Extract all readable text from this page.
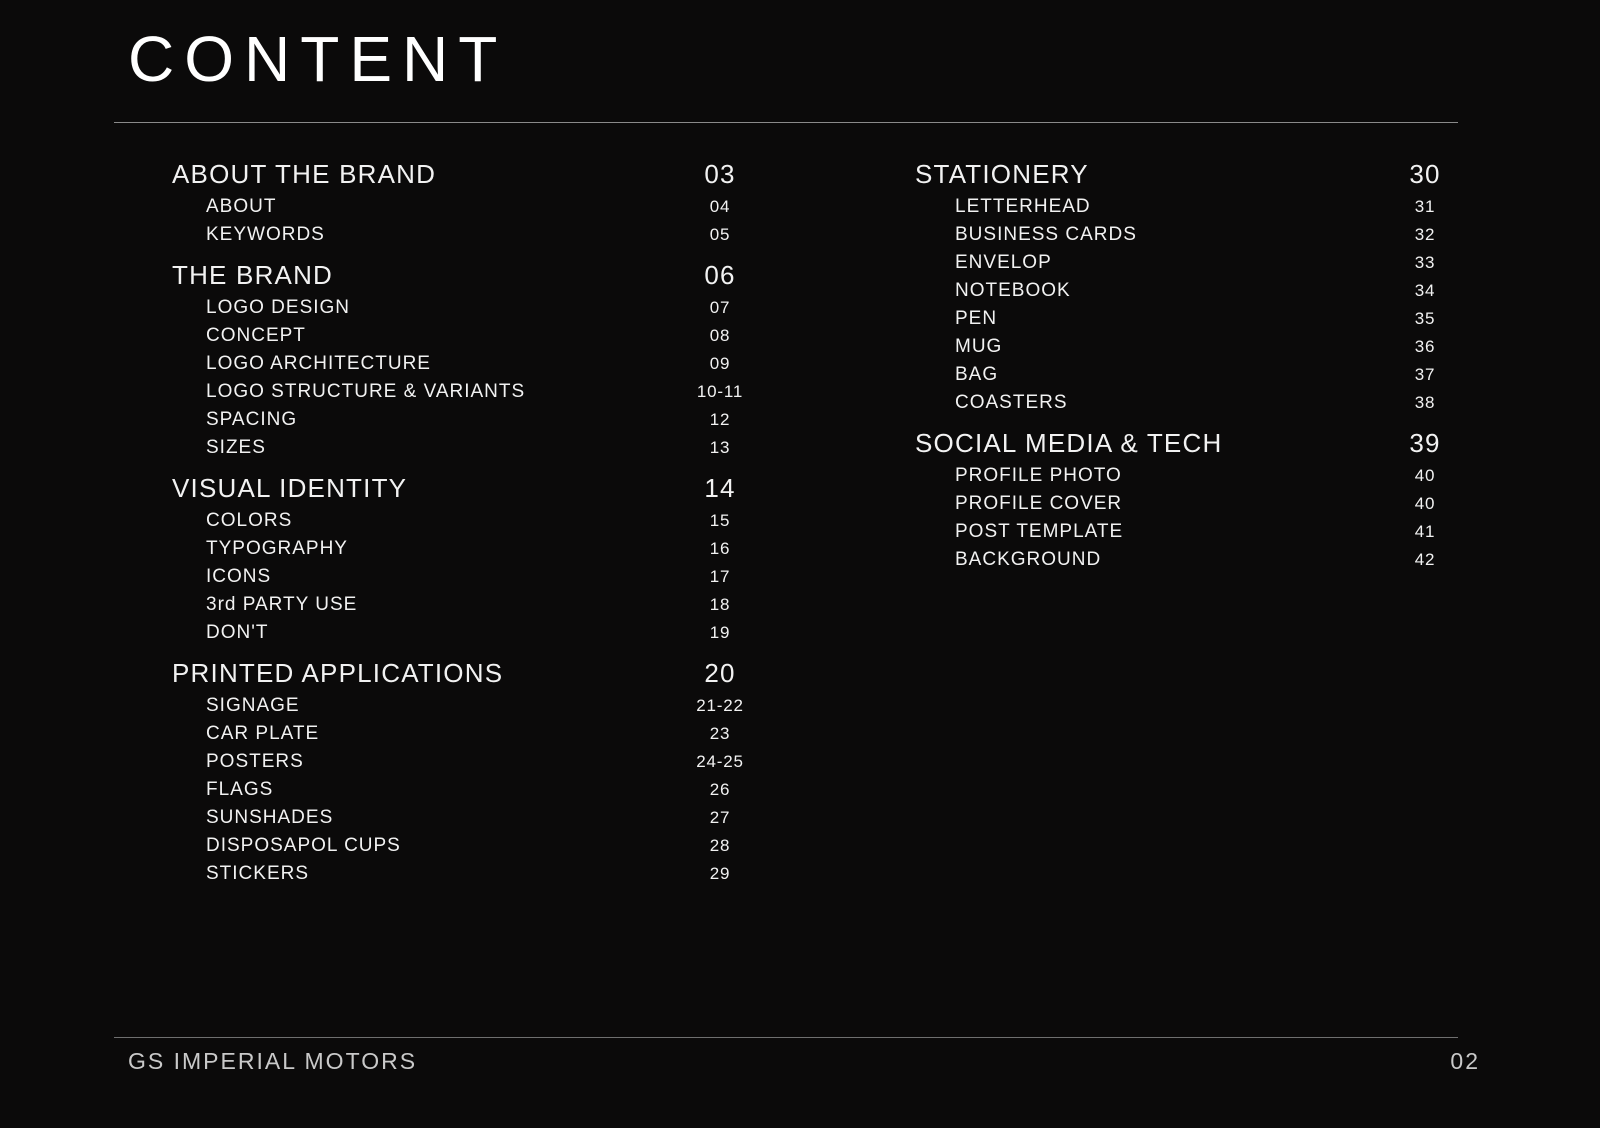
CONTENT
ABOUT THE BRAND	03
ABOUT	04
KEYWORDS	05
THE BRAND	06
LOGO DESIGN	07
CONCEPT	08
LOGO ARCHITECTURE	09
LOGO STRUCTURE & VARIANTS	10-11
SPACING	12
SIZES	13
VISUAL IDENTITY	14
COLORS	15
TYPOGRAPHY	16
ICONS	17
3rd PARTY USE	18
DON'T	19
PRINTED APPLICATIONS	20
SIGNAGE	21-22
CAR PLATE	23
POSTERS	24-25
FLAGS	26
SUNSHADES	27
DISPOSAPOL CUPS	28
STICKERS	29
STATIONERY	30
LETTERHEAD	31
BUSINESS CARDS	32
ENVELOP	33
NOTEBOOK	34
PEN	35
MUG	36
BAG	37
COASTERS	38
SOCIAL MEDIA & TECH	39
PROFILE PHOTO	40
PROFILE COVER	40
POST TEMPLATE	41
BACKGROUND	42
GS IMPERIAL MOTORS	02
